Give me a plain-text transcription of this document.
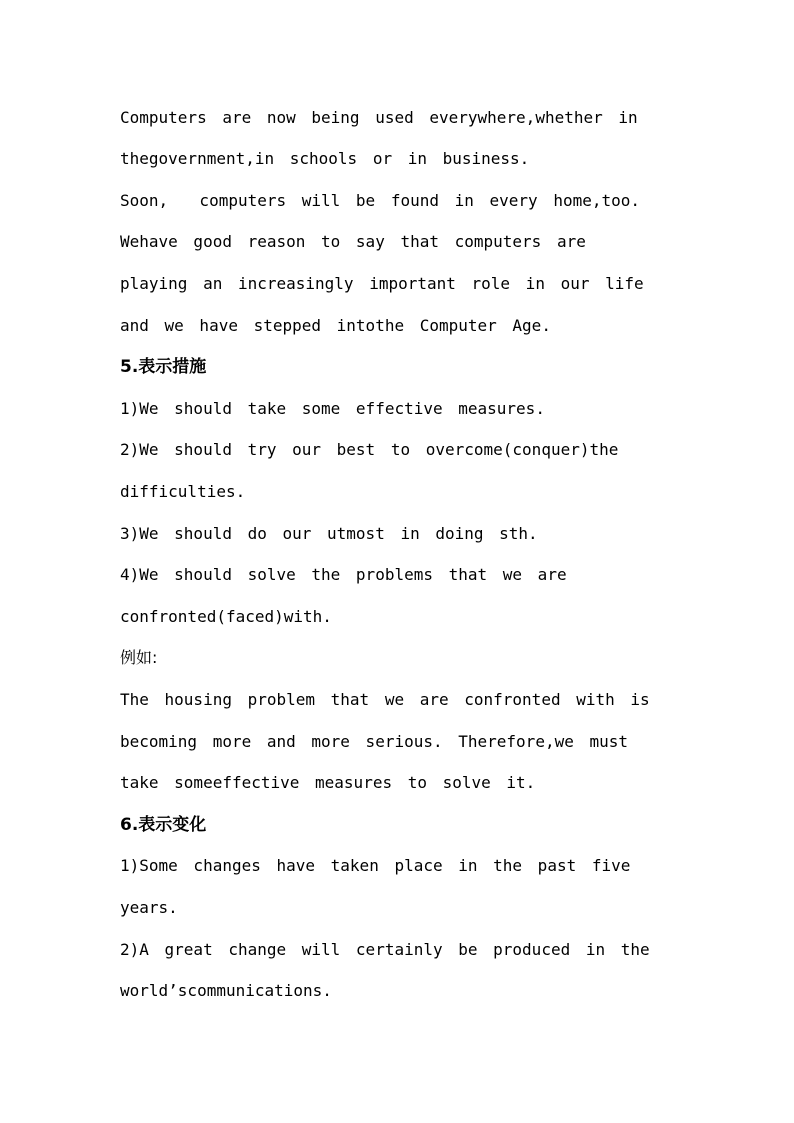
Computers are now being used everywhere,whether in
thegovernment,in schools or in business.
Soon,  computers will be found in every home,too.
Wehave good reason to say that computers are
playing an increasingly important role in our life
and we have stepped intothe Computer Age.
5.表示措施
1)We should take some effective measures.
2)We should try our best to overcome(conquer)the
difficulties.
3)We should do our utmost in doing sth.
4)We should solve the problems that we are
confronted(faced)with.
例如:
The housing problem that we are confronted with is
becoming more and more serious. Therefore,we must
take someeffective measures to solve it.
6.表示变化
1)Some changes have taken place in the past five
years.
2)A great change will certainly be produced in the
world’scommunications.
